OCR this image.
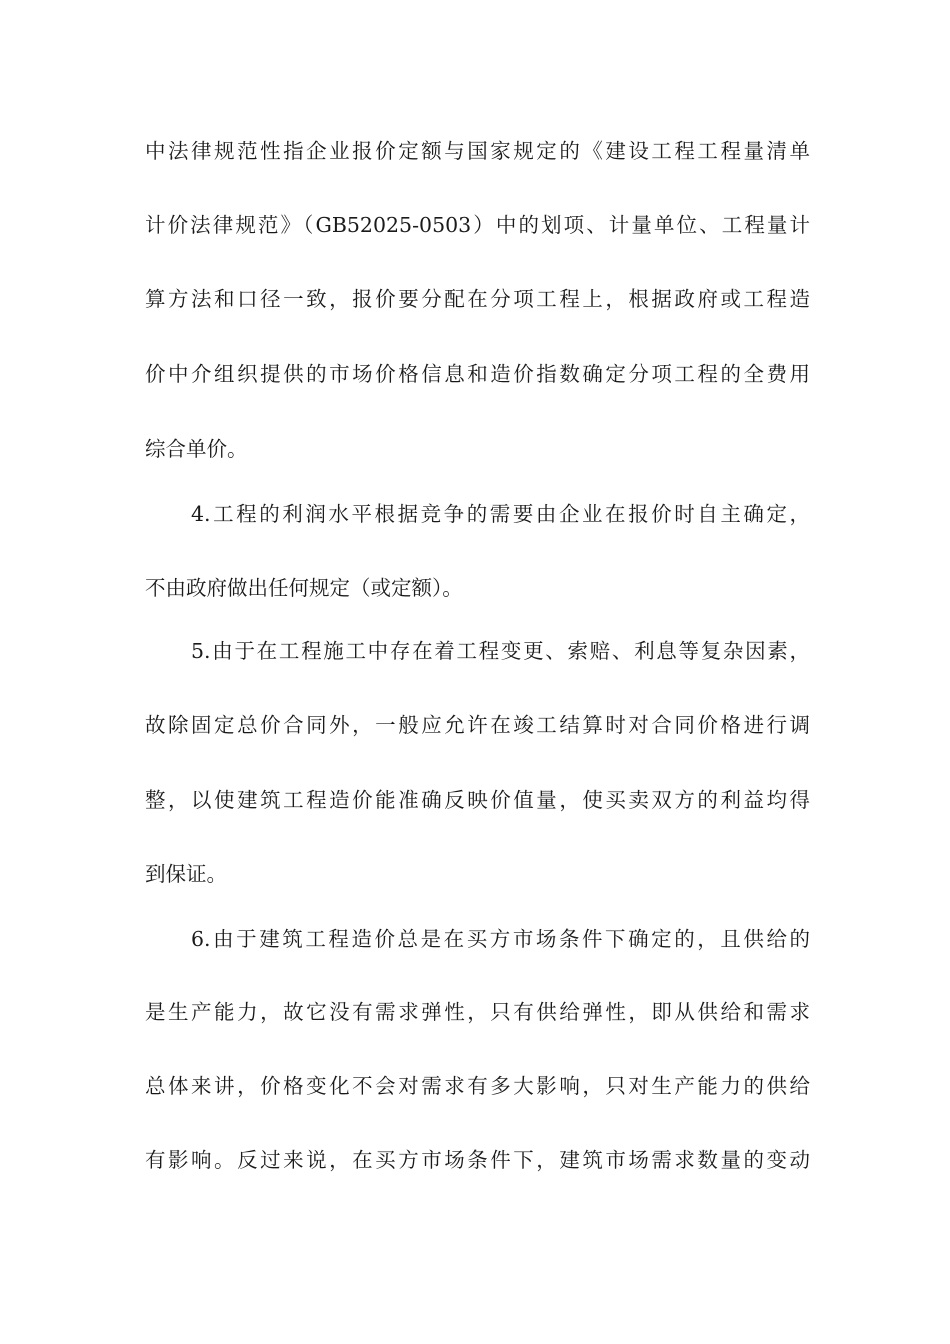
中法律规范性指企业报价定额与国家规定的《建设工程工程量清单
计价法律规范》（GB52025-0503）中的划项、计量单位、工程量计
算方法和口径一致，报价要分配在分项工程上，根据政府或工程造
价中介组织提供的市场价格信息和造价指数确定分项工程的全费用
综合单价。
4.工程的利润水平根据竞争的需要由企业在报价时自主确定，
不由政府做出任何规定（或定额）。
5.由于在工程施工中存在着工程变更、索赔、利息等复杂因素，
故除固定总价合同外，一般应允许在竣工结算时对合同价格进行调
整，以使建筑工程造价能准确反映价值量，使买卖双方的利益均得
到保证。
6.由于建筑工程造价总是在买方市场条件下确定的，且供给的
是生产能力，故它没有需求弹性，只有供给弹性，即从供给和需求
总体来讲，价格变化不会对需求有多大影响，只对生产能力的供给
有影响。反过来说，在买方市场条件下，建筑市场需求数量的变动
